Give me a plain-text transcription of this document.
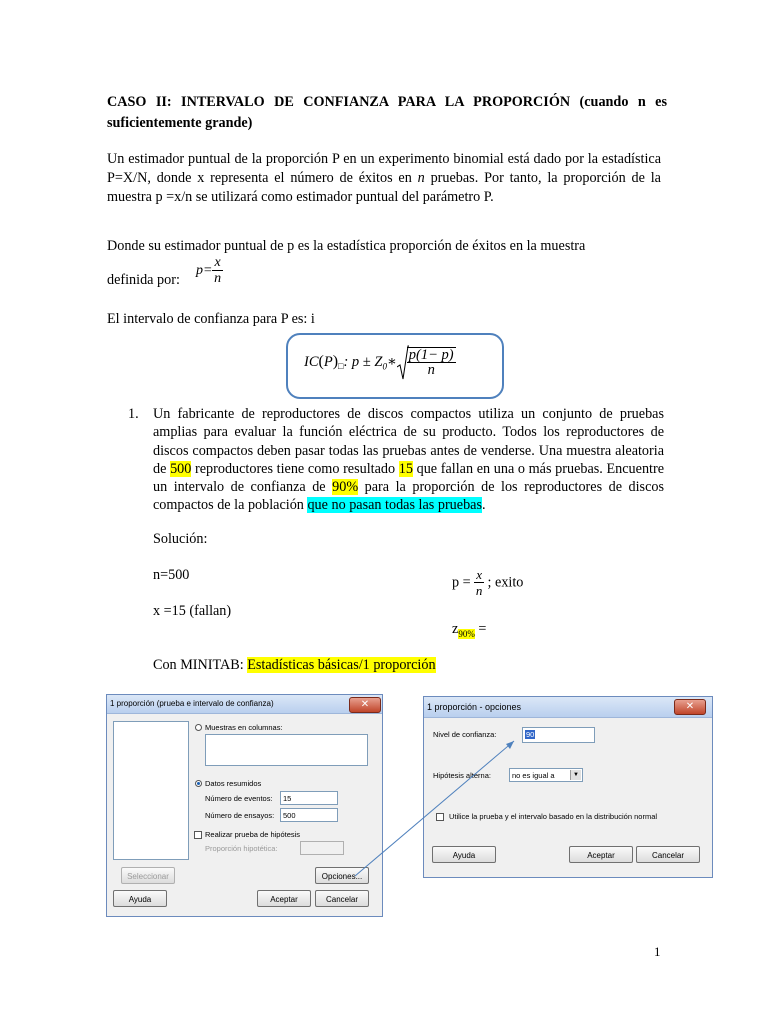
CASO II: INTERVALO DE CONFIANZA PARA LA PROPORCIÓN (cuando n es suficientemente grande)
Un estimador puntual de la proporción P en un experimento binomial está dado por la estadística P=X/N, donde x representa el número de éxitos en n pruebas. Por tanto, la proporción de la muestra p =x/n se utilizará como estimador puntual del parámetro P.
Donde su estimador puntual de p es la estadística proporción de éxitos en la muestra
definida por:
$p= \frac{x}{n}$
El intervalo de confianza para P es: i
$IC(P)_□$: $p \pm Z_0∗ \frac{p(1- p)}{n}$
1. Un fabricante de reproductores de discos compactos utiliza un conjunto de pruebas amplias para evaluar la función eléctrica de su producto. Todos los reproductores de discos compactos deben pasar todas las pruebas antes de venderse. Una muestra aleatoria de 500 reproductores tiene como resultado 15 que fallan en una o más pruebas. Encuentre un intervalo de confianza de 90% para la proporción de los reproductores de discos compactos de la población que no pasan todas las pruebas.
Solución:
n=500
x =15 (fallan)
$p = \frac{x}{n}$ ; exito
$z_{90\%}$ =
Con MINITAB: Estadísticas básicas/1 proporción
1 proporción (prueba e intervalo de confianza)	✕
Muestras en columnas:
Datos resumidos
Número de eventos:	15
Número de ensayos:	500
Realizar prueba de hipótesis
Proporción hipotética:
Seleccionar	Opciones...
Ayuda	Aceptar	Cancelar
1 proporción - opciones	✕
Nivel de confianza:	90
Hipótesis alterna:	no es igual a	▼
Utilice la prueba y el intervalo basado en la distribución normal
Ayuda	Aceptar	Cancelar
1
